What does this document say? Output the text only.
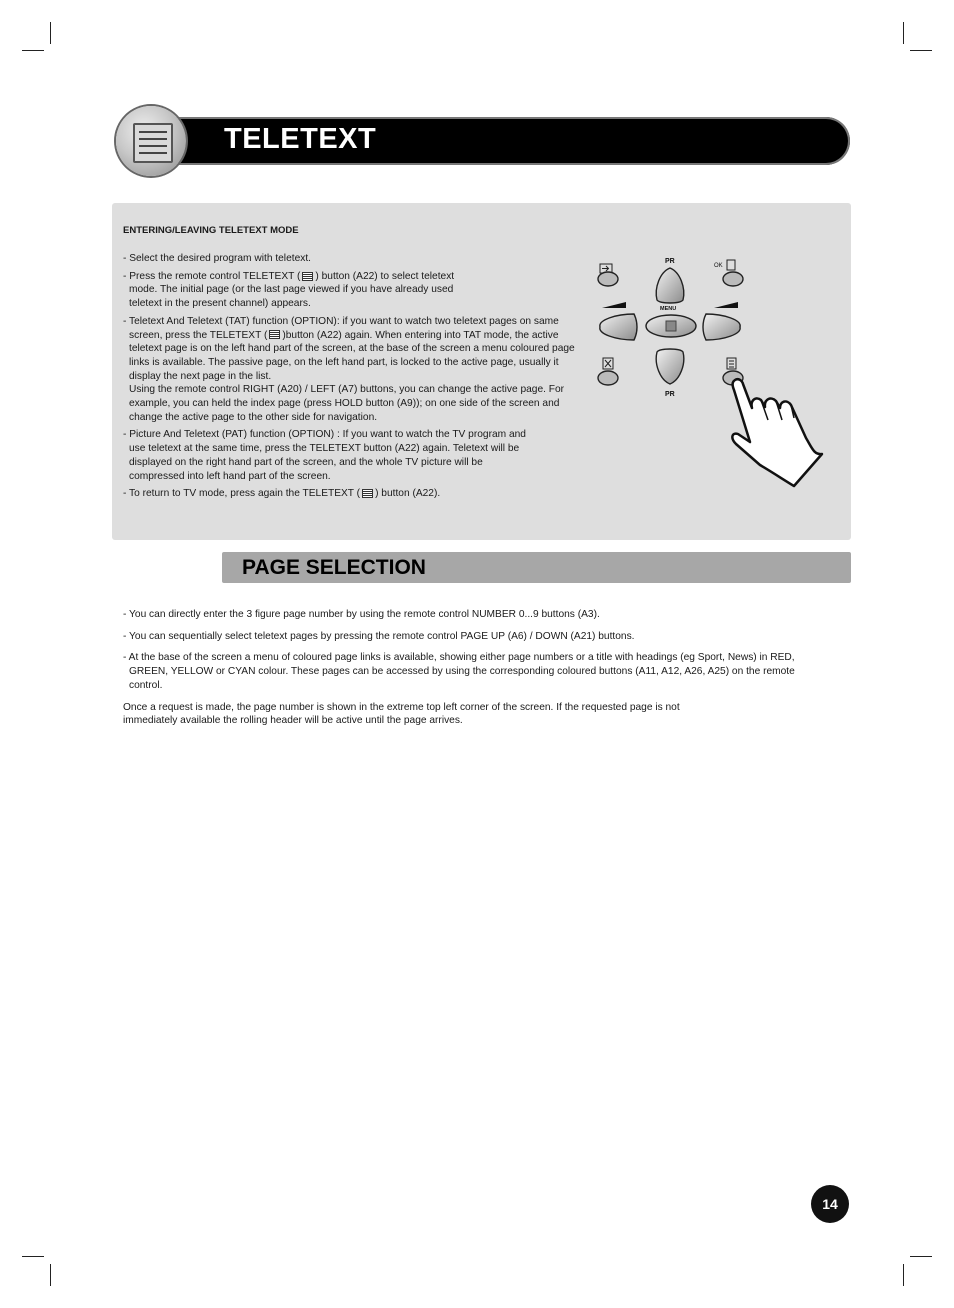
TELETEXT
ENTERING/LEAVING TELETEXT MODE

- Select the desired program with teletext.

- Press the remote control TELETEXT ( ) button (A22) to select teletext mode. The initial page (or the last page viewed if you have already used teletext in the present channel) appears.

- Teletext And Teletext (TAT) function (OPTION): if you want to watch two teletext pages on same screen, press the TELETEXT ( )button (A22) again. When entering into TAT mode, the active teletext page is on the left hand part of the screen, at the base of the screen a menu coloured page links is available. The passive page, on the left hand part, is locked to the active page, usually it display the next page in the list.

Using the remote control RIGHT (A20) / LEFT (A7) buttons, you can change the active page. For example, you can held the index page (press HOLD button (A9)); on one side of the screen and change the active page to the other side for navigation.

- Picture And Teletext (PAT) function (OPTION) : If you want to watch the TV program and use teletext at the same time, press the TELETEXT button (A22) again. Teletext will be displayed on the right hand part of the screen, and the whole TV picture will be compressed into left hand part of the screen.

- To return to TV mode, press again the TELETEXT ( ) button (A22).

PR
OK
MENU
PR
PAGE SELECTION

- You can directly enter the 3 figure page number by using the remote control NUMBER 0...9 buttons (A3).

- You can sequentially select teletext pages by pressing the remote control PAGE UP (A6) / DOWN (A21) buttons.

- At the base of the screen a menu of coloured page links is available, showing either page numbers or a title with headings (eg Sport, News) in RED, GREEN, YELLOW or CYAN colour. These pages can be accessed by using the corresponding coloured buttons (A11, A12, A26, A25) on the remote control.

Once a request is made, the page number is shown in the extreme top left corner of the screen. If the requested page is not immediately available the rolling header will be active until the page arrives.

14
